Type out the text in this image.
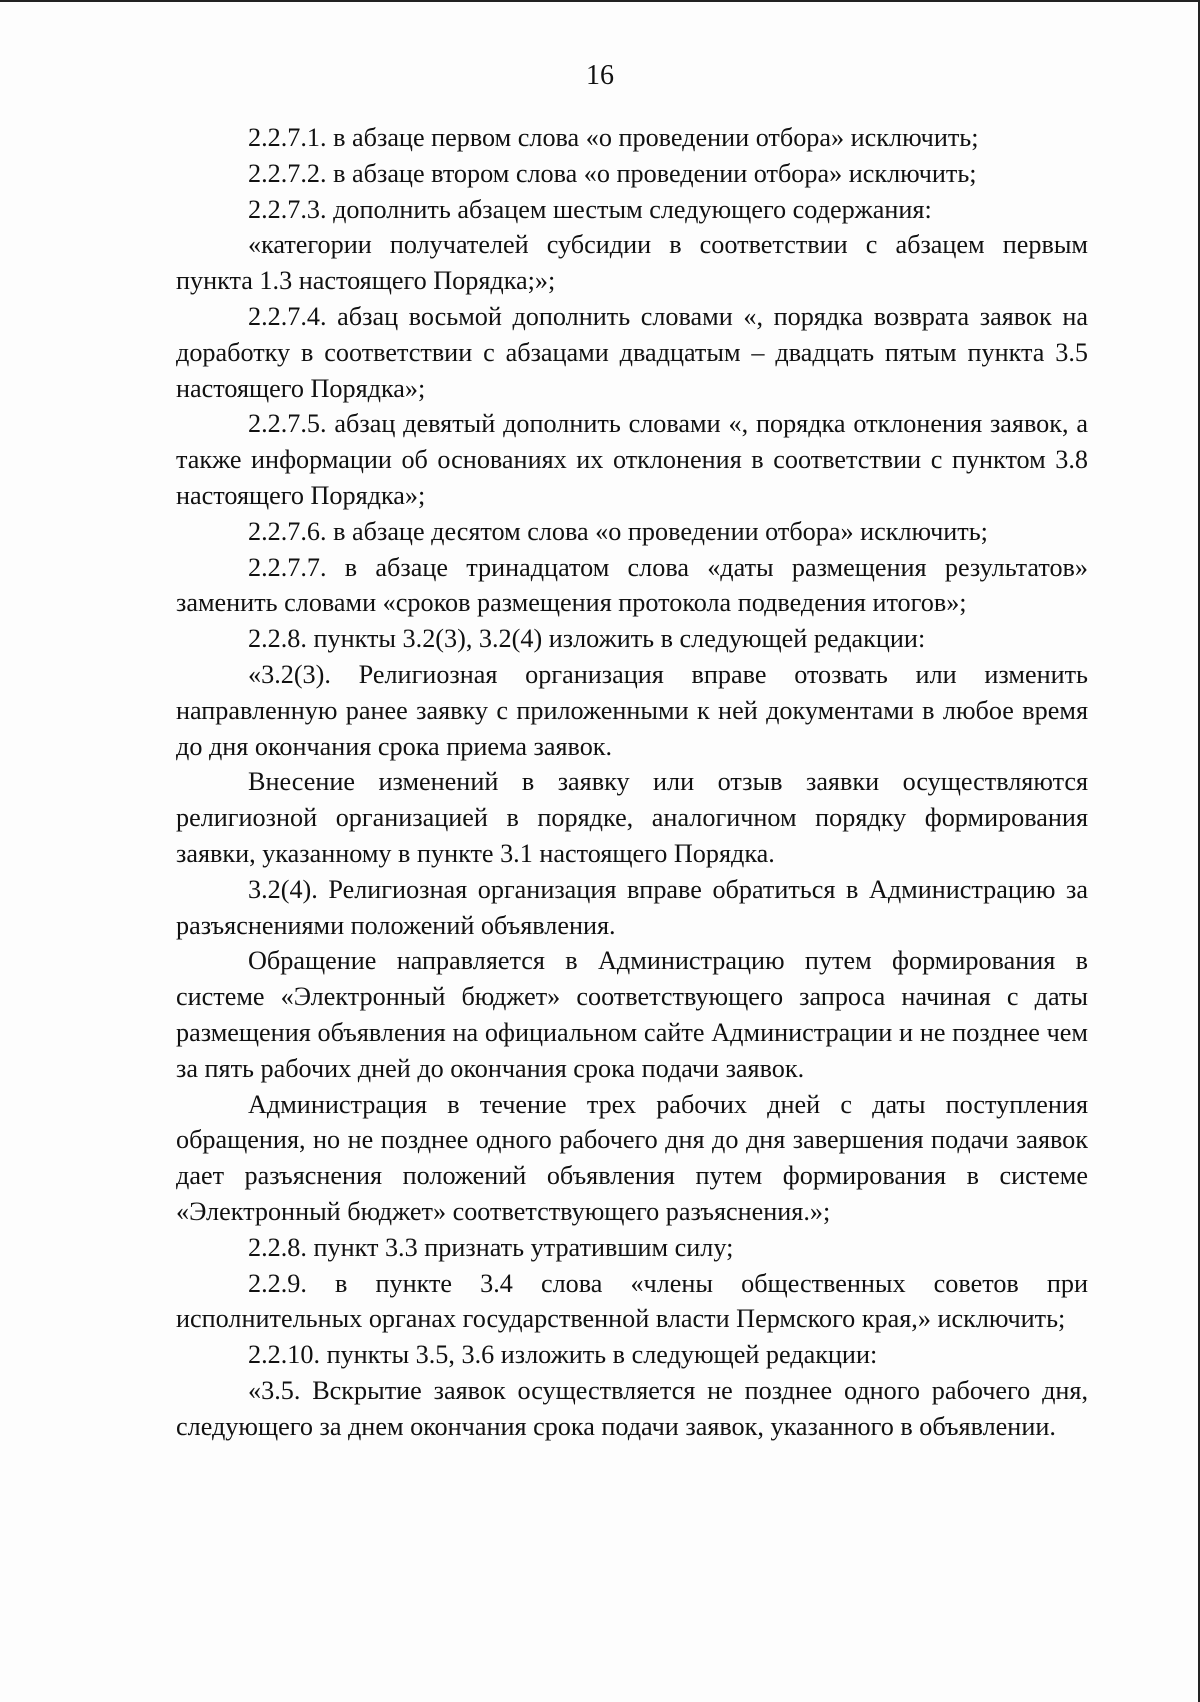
16

2.2.7.1. в абзаце первом слова «о проведении отбора» исключить;

2.2.7.2. в абзаце втором слова «о проведении отбора» исключить;

2.2.7.3. дополнить абзацем шестым следующего содержания:

«категории получателей субсидии в соответствии с абзацем первым пункта 1.3 настоящего Порядка;»;

2.2.7.4. абзац восьмой дополнить словами «, порядка возврата заявок на доработку в соответствии с абзацами двадцатым – двадцать пятым пункта 3.5 настоящего Порядка»;

2.2.7.5. абзац девятый дополнить словами «, порядка отклонения заявок, а также информации об основаниях их отклонения в соответствии с пунктом 3.8 настоящего Порядка»;

2.2.7.6. в абзаце десятом слова «о проведении отбора» исключить;

2.2.7.7. в абзаце тринадцатом слова «даты размещения результатов» заменить словами «сроков размещения протокола подведения итогов»;

2.2.8. пункты 3.2(3), 3.2(4) изложить в следующей редакции:

«3.2(3). Религиозная организация вправе отозвать или изменить направленную ранее заявку с приложенными к ней документами в любое время до дня окончания срока приема заявок.

Внесение изменений в заявку или отзыв заявки осуществляются религиозной организацией в порядке, аналогичном порядку формирования заявки, указанному в пункте 3.1 настоящего Порядка.

3.2(4). Религиозная организация вправе обратиться в Администрацию за разъяснениями положений объявления.

Обращение направляется в Администрацию путем формирования в системе «Электронный бюджет» соответствующего запроса начиная с даты размещения объявления на официальном сайте Администрации и не позднее чем за пять рабочих дней до окончания срока подачи заявок.

Администрация в течение трех рабочих дней с даты поступления обращения, но не позднее одного рабочего дня до дня завершения подачи заявок дает разъяснения положений объявления путем формирования в системе «Электронный бюджет» соответствующего разъяснения.»;

2.2.8. пункт 3.3 признать утратившим силу;

2.2.9. в пункте 3.4 слова «члены общественных советов при исполнительных органах государственной власти Пермского края,» исключить;

2.2.10. пункты 3.5, 3.6 изложить в следующей редакции:

«3.5. Вскрытие заявок осуществляется не позднее одного рабочего дня, следующего за днем окончания срока подачи заявок, указанного в объявлении.
